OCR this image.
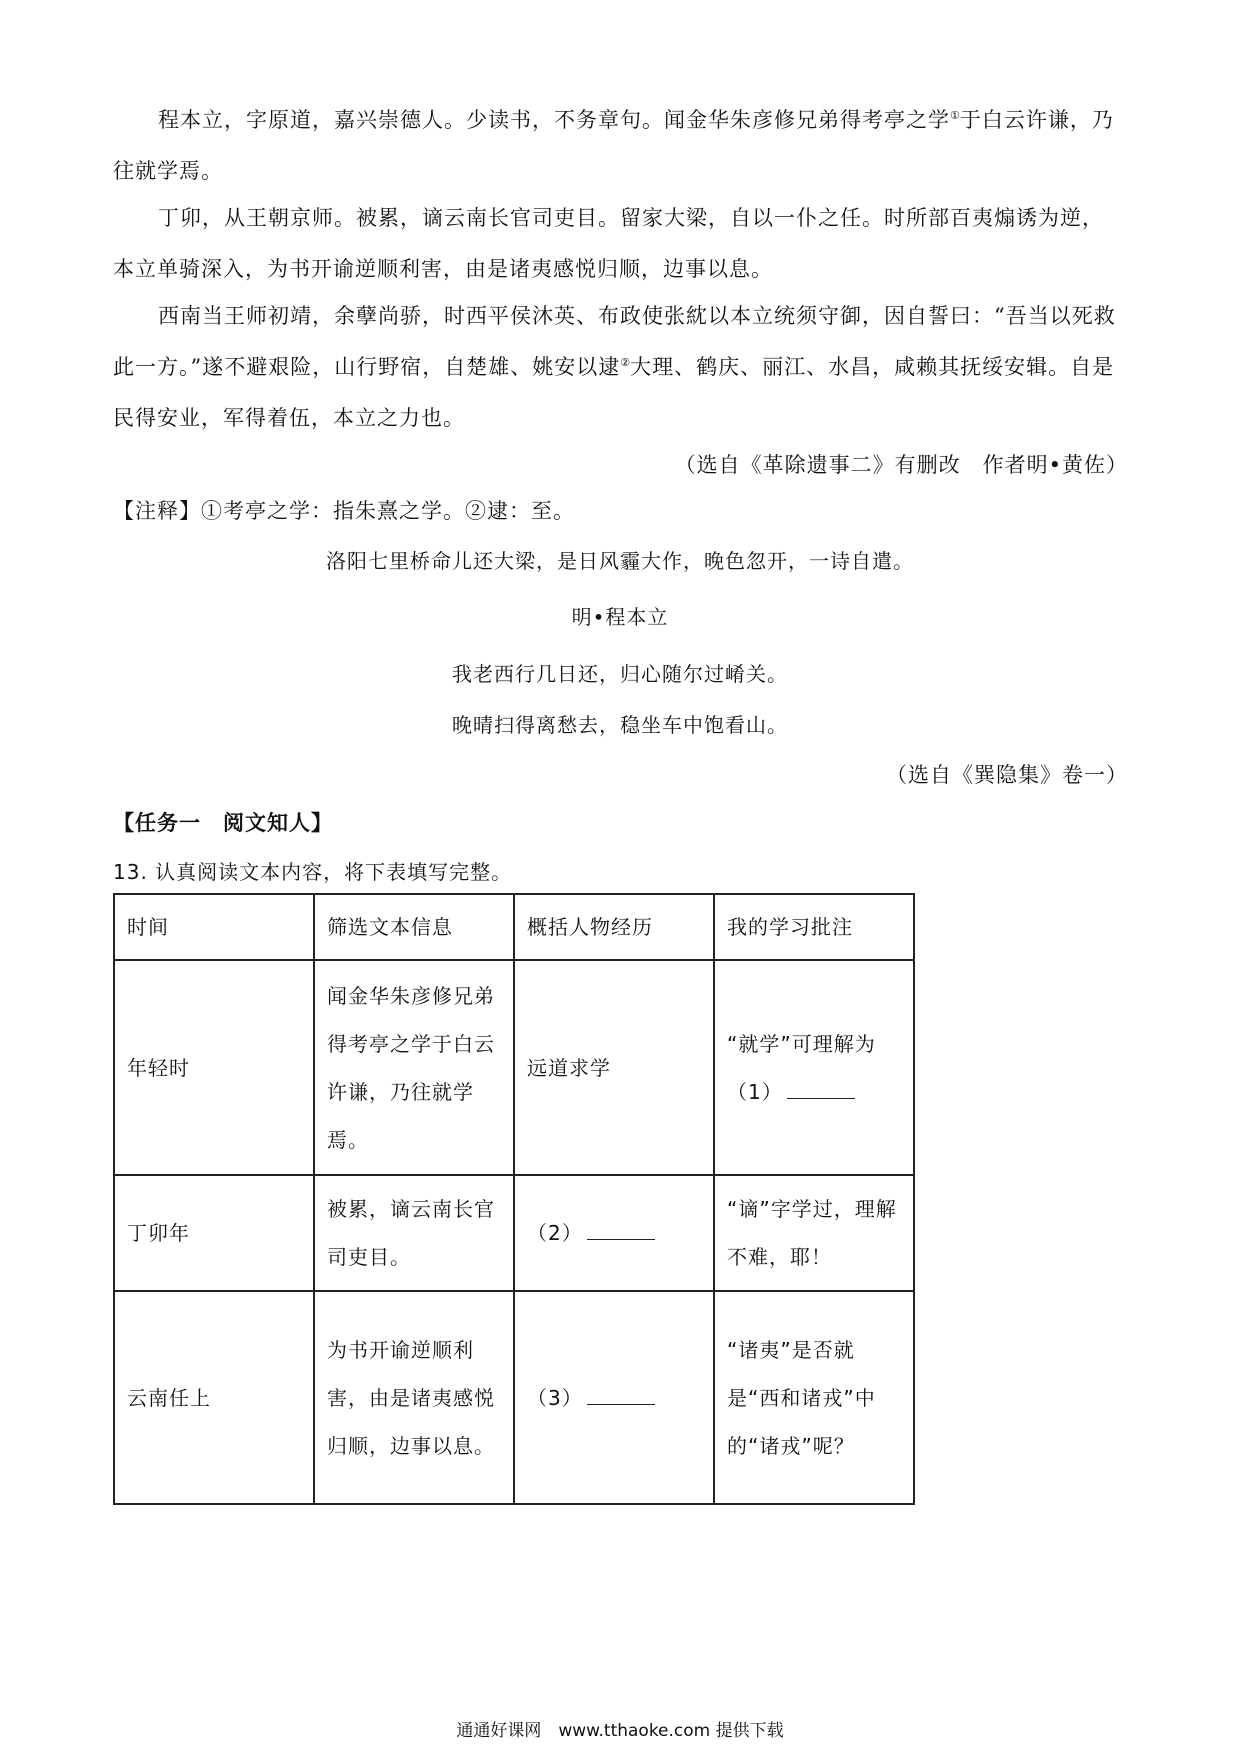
程本立，字原道，嘉兴崇德人。少读书，不务章句。闻金华朱彦修兄弟得考亭之学①于白云许谦，乃往就学焉。

丁卯，从王朝京师。被累，谪云南长官司吏目。留家大梁，自以一仆之任。时所部百夷煽诱为逆，本立单骑深入，为书开谕逆顺利害，由是诸夷感悦归顺，边事以息。

西南当王师初靖，余孽尚骄，时西平侯沐英、布政使张紞以本立统须守御，因自誓曰：“吾当以死救此一方。”遂不避艰险，山行野宿，自楚雄、姚安以逮②大理、鹤庆、丽江、水昌，咸赖其抚绥安辑。自是民得安业，军得着伍，本立之力也。

（选自《革除遗事二》有删改　作者明•黄佐）
【注释】①考亭之学：指朱熹之学。②逮：至。
洛阳七里桥命儿还大梁，是日风霾大作，晚色忽开，一诗自遣。
明•程本立
我老西行几日还，归心随尔过崤关。
晚晴扫得离愁去，稳坐车中饱看山。
（选自《巽隐集》卷一）
【任务一　阅文知人】
13. 认真阅读文本内容，将下表填写完整。
时间	筛选文本信息	概括人物经历	我的学习批注
年轻时	闻金华朱彦修兄弟得考亭之学于白云许谦，乃往就学焉。	远道求学	“就学”可理解为（1）
丁卯年	被累，谪云南长官司吏目。	（2）	“谪”字学过，理解不难，耶！
云南任上	为书开谕逆顺利害，由是诸夷感悦归顺，边事以息。	（3）	“诸夷”是否就是“西和诸戎”中的“诸戎”呢？
通通好课网　www.tthaoke.com 提供下载
